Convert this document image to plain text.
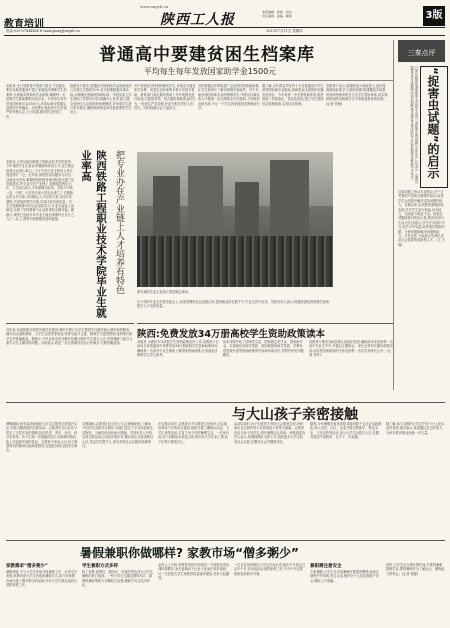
教育培训
www.sxgrb.cn
陕西工人报	本报编辑 · 排版 · 校对
责任编辑 · 美编 · 邮箱	3版
热线:029-87844464 E-mail:gmxq@sxgrb.cn	2013年7月11日 星期四
普通高中要建贫困生档案库
平均每生每年发放国家助学金1500元
本报讯 近日省教育厅等部门联合下发通知,要求各地普通高中建立家庭经济困难学生档案库,全面落实国家助学金政策,确保每一名贫困学生都能顺利完成学业。平均每生每年发放国家助学金1500元,具体标准可根据实际情况分档确定。各校要认真组织学生申请,严格审核认定,公示结果,做好资金发放工作。
按照有关要求,普通高中国家助学金资助面约占在校生总数的20%,各市县要根据本地实际,合理确定资助范围和标准。学校应成立学生资助工作领导小组,明确专人负责,建立健全贫困生认定和资助管理制度,对申请学生进行家访核实,确保资助资金用在最需要的学生身上。
对于家庭经济特别困难的学生,各地还可通过免学杂费、发放生活补助等多种方式给予帮助。教育部门将定期对资助工作开展情况进行检查,对虚报冒领、挤占挪用资助资金的行为,一经查实严肃处理,并追究相关责任人的责任。同时鼓励社会力量参与。
各校要通过多种渠道广泛宣传国家资助政策,让学生和家长了解申请程序和条件。对于未能获得国家助学金的困难学生,学校可从事业收入中提取一定比例资金予以资助,力争做到应助尽助,不让一个学生因家庭经济困难而失学。
据了解,去年我省共有约十万名普通高中学生获得国家助学金资助,资助资金全部按时足额发放到位。今年将进一步完善资助体系,推进资助工作规范化、信息化建设,建立学生资助信息管理系统,实现动态管理。
省教育厅表示,将继续加大财政投入,逐步提高资助标准,扩大资助范围,构建覆盖学前教育到高等教育的全方位学生资助体系,切实保障家庭经济困难学生平等接受教育的权利。(记者 张敏)
本报讯 记者从陕西铁路工程职业技术学院获悉,今年该院毕业生就业率继续保持高位,毕业生就业供需比达到1:4以上,不少专业毕业生被用人单位提前预订一空。近年来,该院坚持以服务为宗旨、以就业为导向,紧紧围绕铁路及城市轨道交通产业发展需求,把专业办在产业链上,积极推进校企合作、工学结合的人才培养模式改革。学院与中铁一局、中铁二十局等多家大型企业建立了长期稳定的合作关系,共同制定人才培养方案,共同开发课程,共同组织教学实施,共同评价培养质量。学生在校期间即可到企业顶岗实习,毕业后直接上岗就业,实现了学校教育与企业需求的无缝对接。据统计,该院已连续多年毕业生就业率保持在百分之九十八以上,被誉为铁路建设者的摇篮。	陕西铁路工程职业技术学院毕业生就业率高	把专业办在产业链上人才培养有特色	图为该院毕业生参加大型招聘会现场。
在今年的毕业生供需见面会上,前来招聘的企业达数百家,提供就业岗位数千个,毕业生供不应求。学院负责人表示,将继续深化教育教学改革,提升人才培养质量。
三秦点评
“捉害虫试题”的启示
日前,有媒体报道某地中考试卷中出现一道捉害虫的试题,引发社会广泛关注。这道试题要求考生根据所学知识判断害虫种类并提出防治方法,看似简单却难倒不少考生。
这道试题之所以引起热议,在于它考查的不是死记硬背的知识,而是学生运用知识解决实际问题的能力。长期以来,应试教育重理论轻实践,许多学生高分低能,动手能力、实践能力明显不足。捉害虫试题给我们的启示是,教育应回归生活,回归实践,让学生在实践中学习,在学习中实践,培养他们观察问题、分析问题和解决问题的能力。只有这样,才能真正培养出适应社会需要的创新型人才。(文 王涛)
陕西:免费发放34万册高校学生资助政策读本
本报讯 为做好今年高校学生资助政策宣传工作,省教育厅日前向全省普通高中免费发放34万册高校学生资助政策读本,确保每一名高中毕业生都能了解国家资助政策,让家庭经济困难学生安心报考。
读本详细介绍了国家奖学金、国家励志奖学金、国家助学金、生源地信用助学贷款、校园地国家助学贷款、学费补偿贷款代偿等资助政策的内容和申请办法,并附有常见问题解答。
省教育厅要求各地各校认真组织发放,确保读本发放到每一名高中毕业生手中,并通过主题班会、家长会等形式做好政策宣讲,切实把党和政府的关怀送到每一名学生和家长心中。(记者 李华)
近年来,各地积极开展校外辅导站建设,利用节假日为学生提供学习辅导和心理咨询等服务。辅导站由退休教师、大学生志愿者等组成,免费为留守儿童、困难学生提供帮助,受到家长和学生的普遍欢迎。据统计,今年以来全省各辅导站累计服务学生数万人次,有效缓解了留守儿童学习无人辅导的问题。各地表示,将进一步完善辅导站运行机制,扩大服务覆盖面。
与大山孩子亲密接触
暑假期间,西安某高校组织大学生志愿者走进秦巴山区,开展为期两周的支教活动。志愿者们为山区孩子带去了丰富多彩的课程,包括英语、美术、音乐、科学实验等。孩子们第一次接触到这么多新鲜的知识,脸上洋溢着幸福的笑容。志愿者小李说,山区孩子渴望知识的眼神让她深受感动,这段经历将让她终生难忘。
支教期间,志愿者们还走访了山区困难家庭,了解孩子们的生活和学习情况,为他们送去了学习用品和生活物资。当地村民纷纷表示感谢。学校负责人介绍,这项支教活动已连续开展多年,累计派出志愿者数百人次,受益学生数千人,成为学校社会实践的品牌项目。
在支教活动中,志愿者们不仅教授文化知识,还注重培养孩子们的综合素质,组织开展了趣味运动会、文艺汇演等活动,丰富了孩子们的暑期生活。一位家长说,孩子放假后本来没人管,现在有大学生来上课,孩子们每天都很开心。
活动结束时,孩子们依依不舍地与志愿者告别,纷纷拿出自己制作的小礼物送给大哥哥大姐姐。志愿者们也与孩子们约定,明年暑假还会再来。该校团委负责人表示,将继续做好支教工作,组织更多大学生投身社会实践,在服务社会中锻炼成长。
据悉,今年暑期全省各高校共组织数千支社会实践团队,深入农村、社区、企业开展支教助学、科技支农、文化宣传等活动,参与大学生达数万人次,在服务基层中受教育、长才干、作贡献。
据了解,参与支教的大学生中有不少人来自农村家庭,他们表示,希望通过自己的努力,为家乡教育事业贡献一份力量。
暑假兼职你做哪样? 家教市场“僧多粥少”
家教需求“僧多粥少”
暑假来临,不少大学生开始寻找兼职工作。记者走访发现,家教仍是大学生首选的兼职方式,但今年家教市场出现了僧多粥少的局面,许多大学生难以找到合适的家教工作。
学生兼职方式多样
除了家教,促销员、服务员、快递员等也成为大学生兼职的热门选择。一些大学生还通过网络开店、做网络兼职等新方式赚取生活费,兼职方式日趋多样化。
业内人士分析,家教需求减少的原因一方面是各类培训机构增多,家长更倾向于让孩子参加正规培训班;另一方面是大学生家教供给量逐年增加,竞争日趋激烈。
一位正在找家教的大学生告诉记者,她在中介登记已近半个月,仍未接到合适的家教工作,不少中介还要收取较高的中介费。
兼职需注意安全
专家提醒,大学生在寻找兼职时要提高警惕,选择正规的中介机构,签订合同,保护好个人信息和财产安全,谨防上当受骗。
同时,大学生应合理安排时间,不要因兼职影响学业,要把兼职作为了解社会、锻炼能力的机会。(记者 陈静)
